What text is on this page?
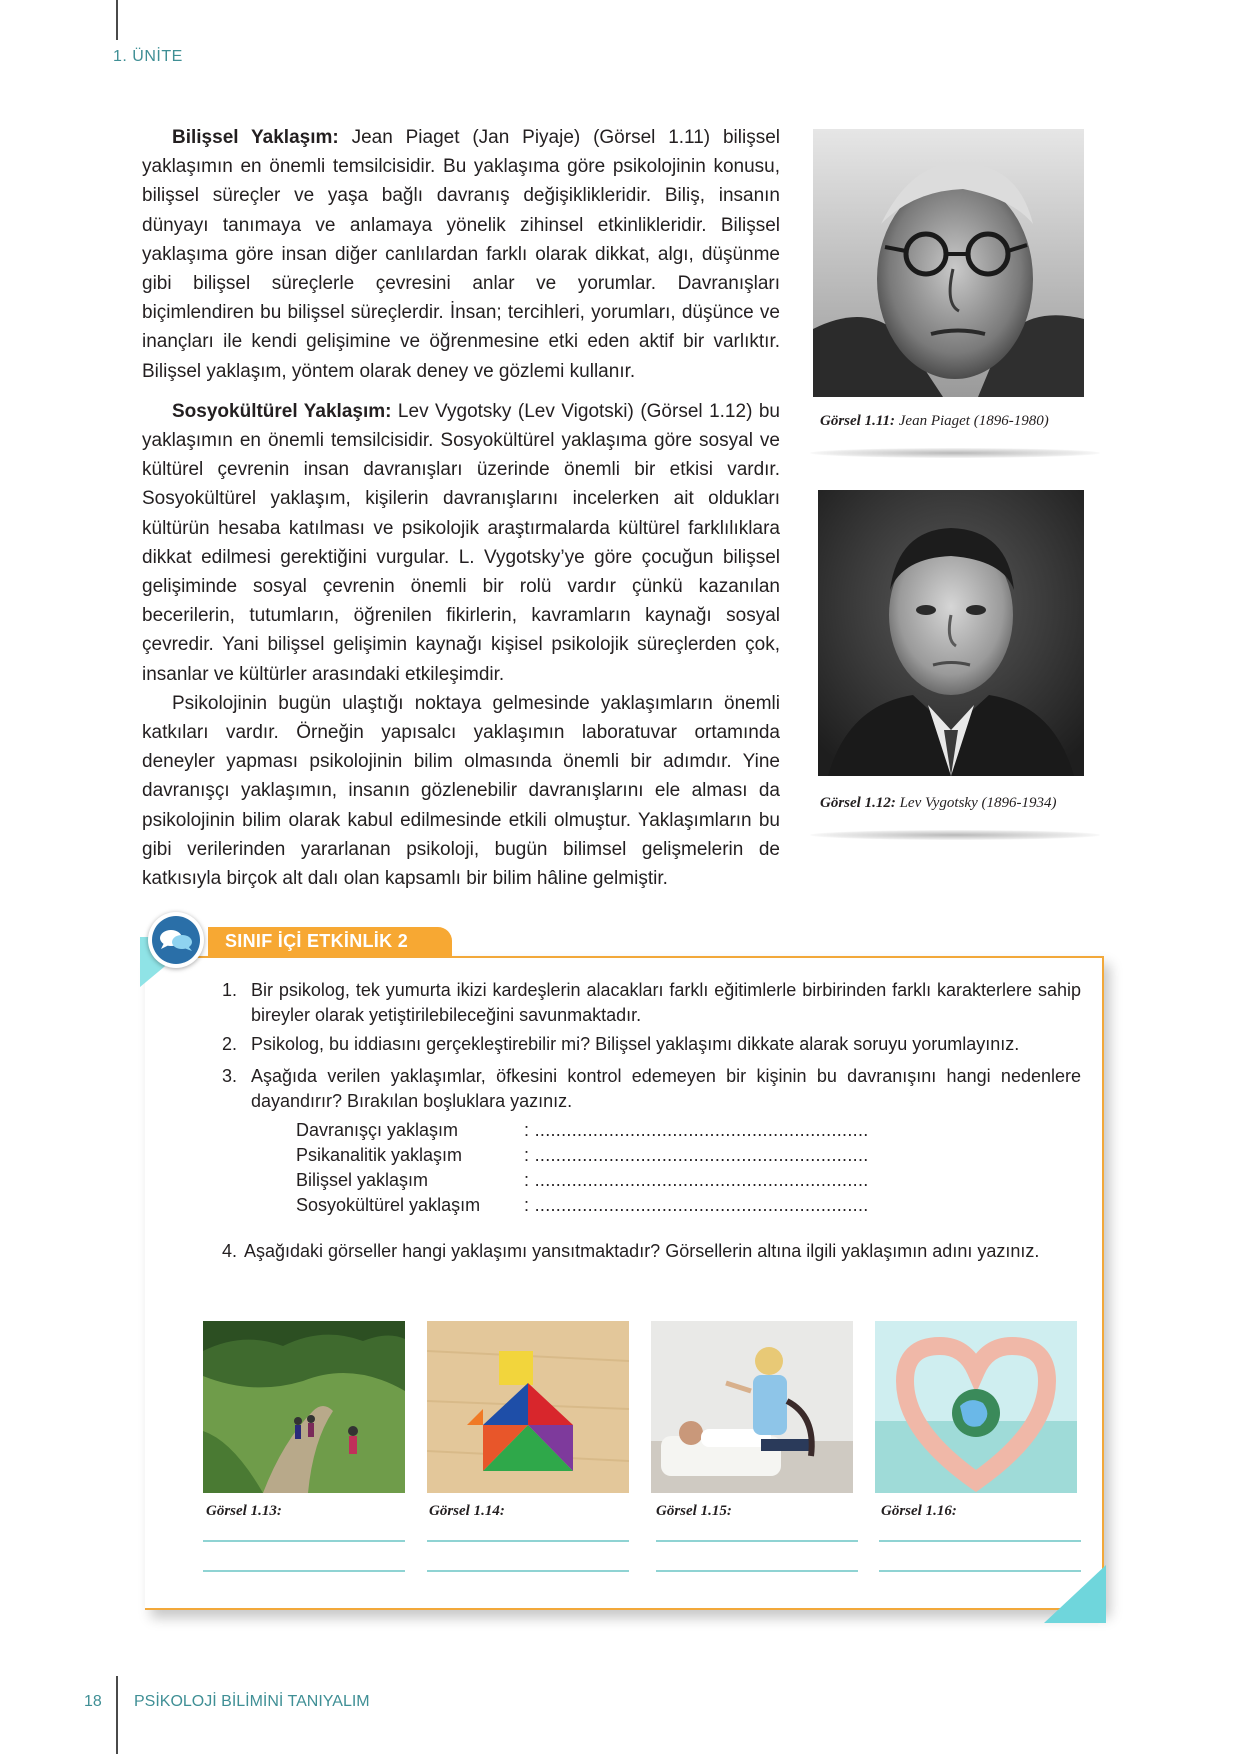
1. ÜNİTE

Bilişsel Yaklaşım: Jean Piaget (Jan Piyaje) (Görsel 1.11) bilişsel yaklaşımın en önemli temsilcisidir. Bu yaklaşıma göre psikolojinin konusu, bilişsel süreçler ve yaşa bağlı davranış değişiklikleridir. Biliş, insanın dünyayı tanımaya ve anlamaya yönelik zihinsel etkinlikleridir. Bilişsel yaklaşıma göre insan diğer canlılardan farklı olarak dikkat, algı, düşünme gibi bilişsel süreçlerle çevresini anlar ve yorumlar. Davranışları biçimlendiren bu bilişsel süreçlerdir. İnsan; tercihleri, yorumları, düşünce ve inançları ile kendi gelişimine ve öğrenmesine etki eden aktif bir varlıktır. Bilişsel yaklaşım, yöntem olarak deney ve gözlemi kullanır.

Sosyokültürel Yaklaşım: Lev Vygotsky (Lev Vigotski) (Görsel 1.12) bu yaklaşımın en önemli temsilcisidir. Sosyokültürel yaklaşıma göre sosyal ve kültürel çevrenin insan davranışları üzerinde önemli bir etkisi vardır. Sosyokültürel yaklaşım, kişilerin davranışlarını incelerken ait oldukları kültürün hesaba katılması ve psikolojik araştırmalarda kültürel farklılıklara dikkat edilmesi gerektiğini vurgular. L. Vygotsky’ye göre çocuğun bilişsel gelişiminde sosyal çevrenin önemli bir rolü vardır çünkü kazanılan becerilerin, tutumların, öğrenilen fikirlerin, kavramların kaynağı sosyal çevredir. Yani bilişsel gelişimin kaynağı kişisel psikolojik süreçlerden çok, insanlar ve kültürler arasındaki etkileşimdir.

Psikolojinin bugün ulaştığı noktaya gelmesinde yaklaşımların önemli katkıları vardır. Örneğin yapısalcı yaklaşımın laboratuvar ortamında deneyler yapması psikolojinin bilim olmasında önemli bir adımdır. Yine davranışçı yaklaşımın, insanın gözlenebilir davranışlarını ele alması da psikolojinin bilim olarak kabul edilmesinde etkili olmuştur. Yaklaşımların bu gibi verilerinden yararlanan psikoloji, bugün bilimsel gelişmelerin de katkısıyla birçok alt dalı olan kapsamlı bir bilim hâline gelmiştir.

Görsel 1.11: Jean Piaget (1896-1980)
Görsel 1.12: Lev Vygotsky (1896-1934)
SINIF İÇİ ETKİNLİK 2
1. Bir psikolog, tek yumurta ikizi kardeşlerin alacakları farklı eğitimlerle birbirinden farklı karakterlere sahip bireyler olarak yetiştirilebileceğini savunmaktadır.
2. Psikolog, bu iddiasını gerçekleştirebilir mi? Bilişsel yaklaşımı dikkate alarak soruyu yorumlayınız.
3. Aşağıda verilen yaklaşımlar, öfkesini kontrol edemeyen bir kişinin bu davranışını hangi nedenlere dayandırır? Bırakılan boşluklara yazınız.
Davranışçı yaklaşım	: ...............................................................
Psikanalitik yaklaşım	: ...............................................................
Bilişsel yaklaşım	: ...............................................................
Sosyokültürel yaklaşım : ...............................................................
4. Aşağıdaki görseller hangi yaklaşımı yansıtmaktadır? Görsellerin altına ilgili yaklaşımın adını yazınız.
Görsel 1.13:	Görsel 1.14:	Görsel 1.15:	Görsel 1.16:
18 PSİKOLOJİ BİLİMİNİ TANIYALIM
